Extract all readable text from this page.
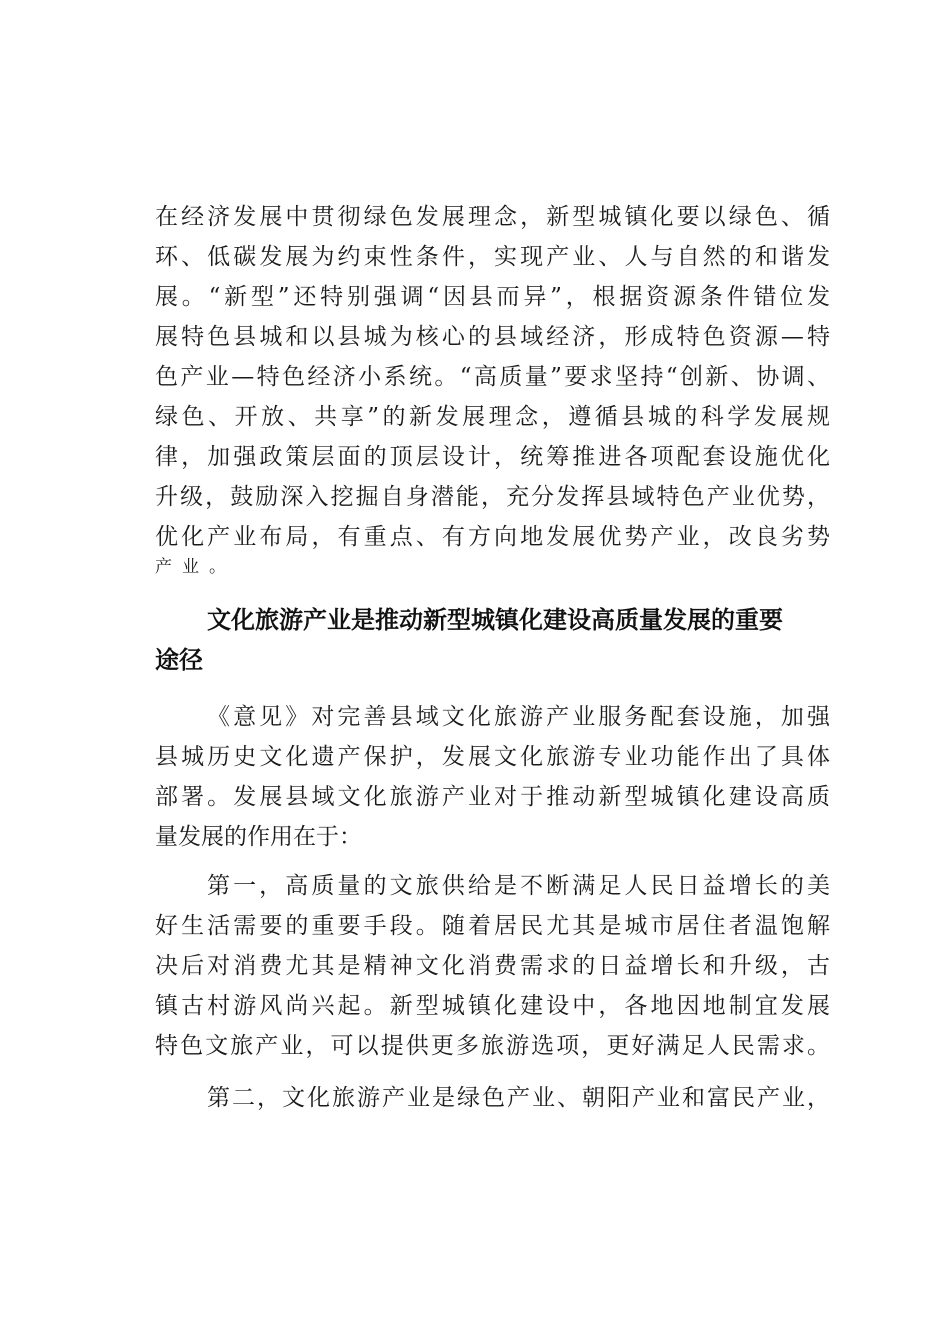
在经济发展中贯彻绿色发展理念，新型城镇化要以绿色、循
环、低碳发展为约束性条件，实现产业、人与自然的和谐发
展。“新型”还特别强调“因县而异”，根据资源条件错位发
展特色县城和以县城为核心的县域经济，形成特色资源—特
色产业—特色经济小系统。“高质量”要求坚持“创新、协调、
绿色、开放、共享”的新发展理念，遵循县城的科学发展规
律，加强政策层面的顶层设计，统筹推进各项配套设施优化
升级，鼓励深入挖掘自身潜能，充分发挥县域特色产业优势，
优化产业布局，有重点、有方向地发展优势产业，改良劣势
产业。
文化旅游产业是推动新型城镇化建设高质量发展的重要
途径
《意见》对完善县域文化旅游产业服务配套设施，加强
县城历史文化遗产保护，发展文化旅游专业功能作出了具体
部署。发展县域文化旅游产业对于推动新型城镇化建设高质
量发展的作用在于：
第一，高质量的文旅供给是不断满足人民日益增长的美
好生活需要的重要手段。随着居民尤其是城市居住者温饱解
决后对消费尤其是精神文化消费需求的日益增长和升级，古
镇古村游风尚兴起。新型城镇化建设中，各地因地制宜发展
特色文旅产业，可以提供更多旅游选项，更好满足人民需求。
第二，文化旅游产业是绿色产业、朝阳产业和富民产业，
